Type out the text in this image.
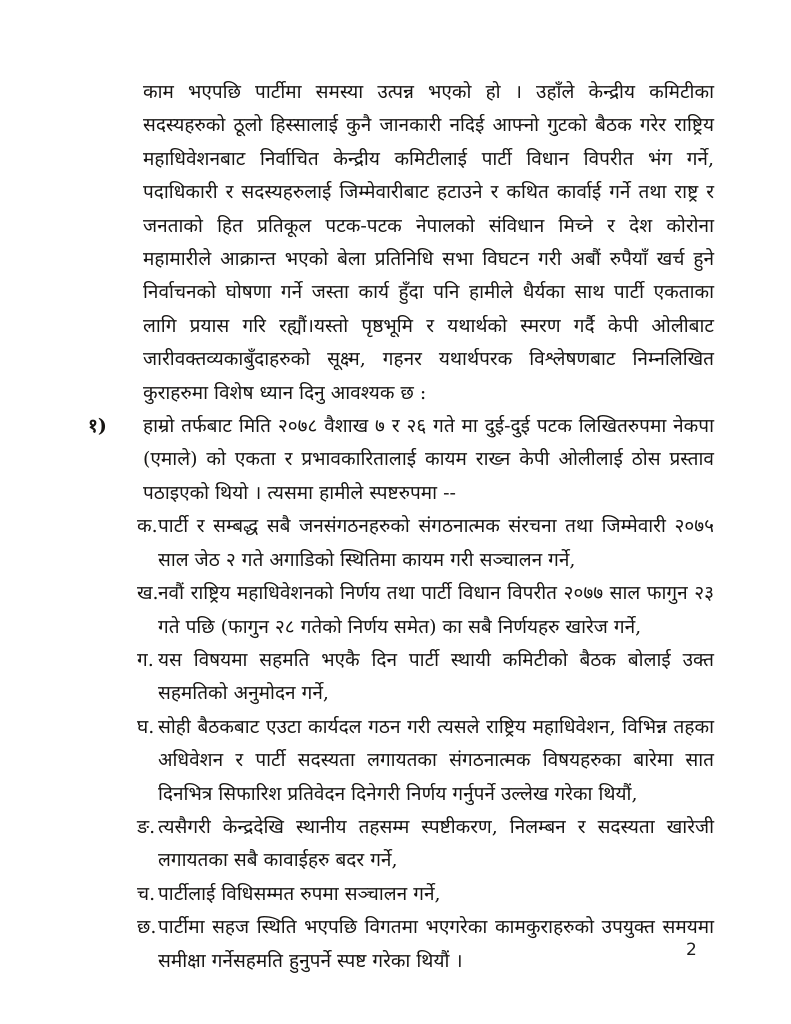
काम भएपछि पार्टीमा समस्या उत्पन्न भएको हो । उहाँले केन्द्रीय कमिटीका सदस्यहरुको ठूलो हिस्सालाई कुनै जानकारी नदिई आफ्नो गुटको बैठक गरेर राष्ट्रिय महाधिवेशनबाट निर्वाचित केन्द्रीय कमिटीलाई पार्टी विधान विपरीत भंग गर्ने, पदाधिकारी र सदस्यहरुलाई जिम्मेवारीबाट हटाउने र कथित कार्वाई गर्ने तथा राष्ट्र र जनताको हित प्रतिकूल पटक-पटक नेपालको संविधान मिच्ने र देश कोरोना महामारीले आक्रान्त भएको बेला प्रतिनिधि सभा विघटन गरी अबौं रुपैयाँ खर्च हुने निर्वाचनको घोषणा गर्ने जस्ता कार्य हुँदा पनि हामीले धैर्यका साथ पार्टी एकताका लागि प्रयास गरि रह्यौं।यस्तो पृष्ठभूमि र यथार्थको स्मरण गर्दै केपी ओलीबाट जारीवक्तव्यकाबुँदाहरुको सूक्ष्म, गहनर यथार्थपरक विश्लेषणबाट निम्नलिखित कुराहरुमा विशेष ध्यान दिनु आवश्यक छ :

१) हाम्रो तर्फबाट मिति २०७८ वैशाख ७ र २६ गते मा दुई-दुई पटक लिखितरुपमा नेकपा (एमाले) को एकता र प्रभावकारितालाई कायम राख्न केपी ओलीलाई ठोस प्रस्ताव पठाइएको थियो । त्यसमा हामीले स्पष्टरुपमा --
क.पार्टी र सम्बद्ध सबै जनसंगठनहरुको संगठनात्मक संरचना तथा जिम्मेवारी २०७५ साल जेठ २ गते अगाडिको स्थितिमा कायम गरी सञ्चालन गर्ने,
ख.नवौं राष्ट्रिय महाधिवेशनको निर्णय तथा पार्टी विधान विपरीत २०७७ साल फागुन २३ गते पछि (फागुन २८ गतेको निर्णय समेत) का सबै निर्णयहरु खारेज गर्ने,
ग. यस विषयमा सहमति भएकै दिन पार्टी स्थायी कमिटीको बैठक बोलाई उक्त सहमतिको अनुमोदन गर्ने,
घ. सोही बैठकबाट एउटा कार्यदल गठन गरी त्यसले राष्ट्रिय महाधिवेशन, विभिन्न तहका अधिवेशन र पार्टी सदस्यता लगायतका संगठनात्मक विषयहरुका बारेमा सात दिनभित्र सिफारिश प्रतिवेदन दिनेगरी निर्णय गर्नुपर्ने उल्लेख गरेका थियौं,
ङ. त्यसैगरी केन्द्रदेखि स्थानीय तहसम्म स्पष्टीकरण, निलम्बन र सदस्यता खारेजी लगायतका सबै कावाईहरु बदर गर्ने,
च. पार्टीलाई विधिसम्मत रुपमा सञ्चालन गर्ने,
छ.पार्टीमा सहज स्थिति भएपछि विगतमा भएगरेका कामकुराहरुको उपयुक्त समयमा समीक्षा गर्नेसहमति हुनुपर्ने स्पष्ट गरेका थियौं ।	2
